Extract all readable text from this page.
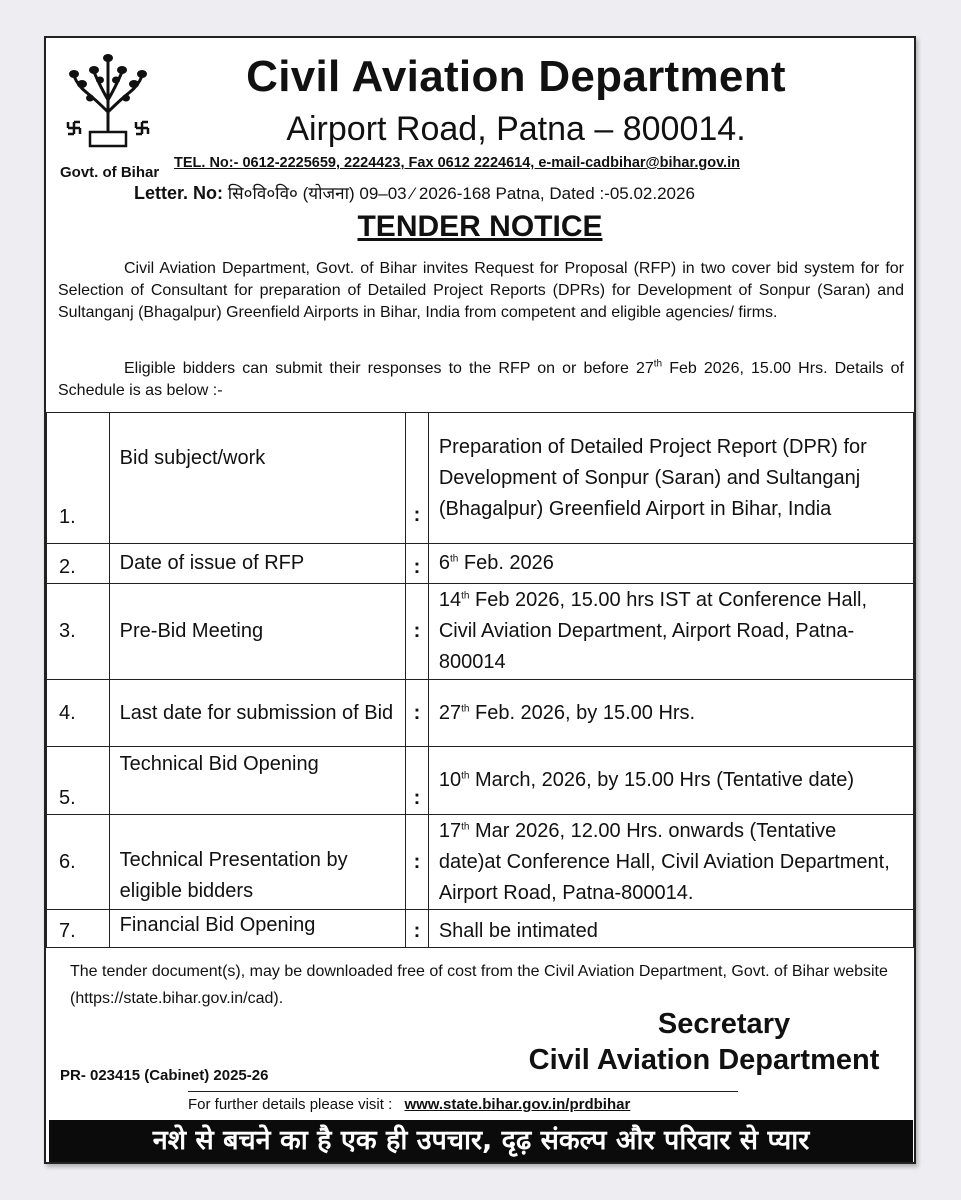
Govt. of Bihar
Civil Aviation Department
Airport Road, Patna – 800014.
TEL. No:- 0612-2225659, 2224423, Fax 0612 2224614, e-mail-cadbihar@bihar.gov.in
Letter. No: सि०वि०वि० (योजना) 09–03 ⁄ 2026-168 Patna, Dated :-05.02.2026
TENDER NOTICE
Civil Aviation Department, Govt. of Bihar invites Request for Proposal (RFP) in two cover bid system for for Selection of Consultant for preparation of Detailed Project Reports (DPRs) for Development of Sonpur (Saran) and Sultanganj (Bhagalpur) Greenfield Airports in Bihar, India from competent and eligible agencies/ firms.
Eligible bidders can submit their responses to the RFP on or before 27th Feb 2026, 15.00 Hrs. Details of Schedule is as below :-
1.	Bid subject/work	:	Preparation of Detailed Project Report (DPR) for Development of Sonpur (Saran) and Sultanganj (Bhagalpur) Greenfield Airport in Bihar, India
2.	Date of issue of RFP	:	6th Feb. 2026
3.	Pre-Bid Meeting	:	14th Feb 2026, 15.00 hrs IST at Conference Hall, Civil Aviation Department, Airport Road, Patna- 800014
4.	Last date for submission of Bid	:	27th Feb. 2026, by 15.00 Hrs.
5.	Technical Bid Opening	:	10th March, 2026, by 15.00 Hrs (Tentative date)
6.	Technical Presentation by eligible bidders	:	17th Mar 2026, 12.00 Hrs. onwards (Tentative date)at Conference Hall, Civil Aviation Department, Airport Road, Patna-800014.
7.	Financial Bid Opening	:	Shall be intimated
The tender document(s), may be downloaded free of cost from the Civil Aviation Department, Govt. of Bihar website (https://state.bihar.gov.in/cad).
Secretary
Civil Aviation Department
PR- 023415 (Cabinet) 2025-26
For further details please visit : www.state.bihar.gov.in/prdbihar
नशे से बचने का है एक ही उपचार, दृढ़ संकल्प और परिवार से प्यार
